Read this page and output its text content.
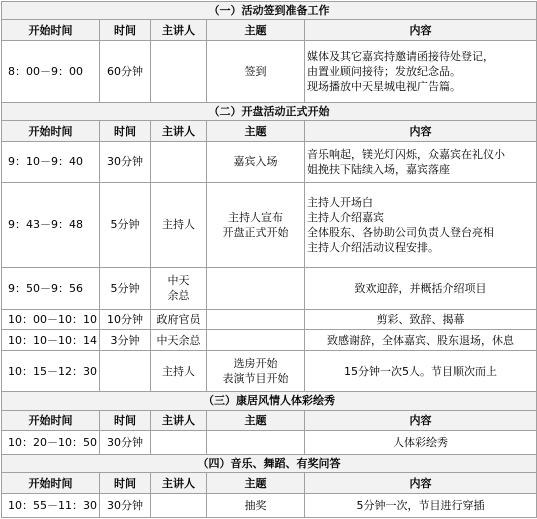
（一）活动签到准备工作				
开始时间	时间	主讲人	主题	内容

8：00－9：00	60分钟		签到	媒体及其它嘉宾持邀请函接待处登记，
由置业顾问接待；发放纪念品。
现场播放中天星城电视广告篇。

（二）开盘活动正式开始				
开始时间	时间	主讲人	主题	内容

9：10－9：40	30分钟		嘉宾入场	音乐响起，镁光灯闪烁，众嘉宾在礼仪小
姐挽扶下陆续入场，嘉宾落座

9：43－9：48	5分钟	主持人	主持人宣布
开盘正式开始	主持人开场白
主持人介绍嘉宾
全体股东、各协助公司负责人登台亮相
主持人介绍活动议程安排。

9：50－9：56	5分钟	中天
余总		致欢迎辞，并概括介绍项目

10：00－10：10	10分钟	政府官员		剪彩、致辞、揭幕

10：10－10：14	3分钟	中天余总		致感谢辞，全体嘉宾、股东退场，休息

10：15－12：30		主持人	选房开始
表演节目开始	15分钟一次5人。节目顺次而上

（三）康居风情人体彩绘秀				
开始时间	时间	主讲人	主题	内容

10：20－10：50	30分钟			人体彩绘秀

（四）音乐、舞蹈、有奖问答				
开始时间	时间	主讲人	主题	内容

10：55－11：30	30分钟		抽奖	5分钟一次，节目进行穿插
